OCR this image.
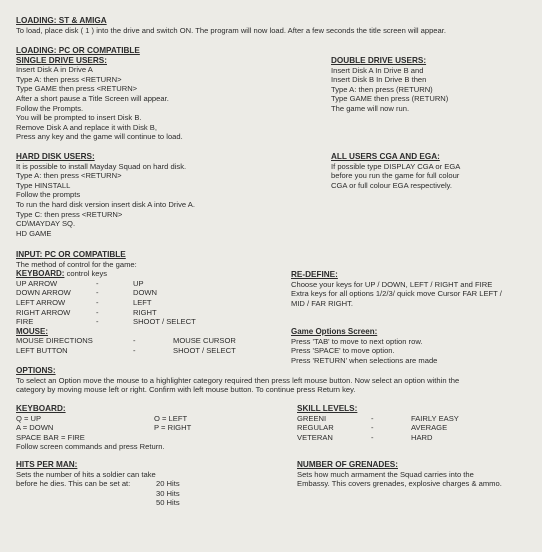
LOADING: ST & AMIGA
To load, place disk ( 1 ) into the drive and switch ON. The program will now load. After a few seconds the title screen will appear.
LOADING: PC OR COMPATIBLE
SINGLE DRIVE USERS:
Insert Disk A in Drive A
Type A: then press <RETURN>
Type GAME then press <RETURN>
After a short pause a Title Screen will appear.
Follow the Prompts.
You will be prompted to insert Disk B.
Remove Disk A and replace it with Disk B,
Press any key and the game will continue to load.
DOUBLE DRIVE USERS:
Insert Disk A In Drive B and
Insert Disk B In Drive B then
Type A: then press (RETURN)
Type GAME then press (RETURN)
The game will now run.
HARD DISK USERS:
It is possible to install Mayday Squad on hard disk.
Type A: then press <RETURN>
Type HINSTALL
Follow the prompts
To run the hard disk version insert disk A into Drive A.
Type C: then press <RETURN>
CD\MAYDAY SQ.
HD GAME
ALL USERS CGA AND EGA:
If possible type DISPLAY CGA or EGA
before you run the game for full colour
CGA or full colour EGA respectively.
INPUT: PC OR COMPATIBLE
The method of control for the game:
KEYBOARD: control keys
UP ARROW	-	UP
DOWN ARROW	-	DOWN
LEFT ARROW	-	LEFT
RIGHT ARROW	-	RIGHT
FIRE	-	SHOOT / SELECT
MOUSE:
MOUSE DIRECTIONS	-	MOUSE CURSOR
LEFT BUTTON	-	SHOOT / SELECT
RE-DEFINE:
Choose your keys for UP / DOWN, LEFT / RIGHT and FIRE
Extra keys for all options 1/2/3/ quick move Cursor FAR LEFT /
MID / FAR RIGHT.
Game Options Screen:
Press 'TAB' to move to next option row.
Press 'SPACE' to move option.
Press 'RETURN' when selections are made
OPTIONS:
To select an Option move the mouse to a highlighter category required then press left mouse button. Now select an option within the
category by moving mouse left or right. Confirm with left mouse button. To continue press Return key.
KEYBOARD:
Q = UP	O = LEFT
A = DOWN	P = RIGHT
SPACE BAR = FIRE
Follow screen commands and press Return.
SKILL LEVELS:
GREENI	-	FAIRLY EASY
REGULAR	-	AVERAGE
VETERAN	-	HARD
HITS PER MAN:
Sets the number of hits a soldier can take
before he dies. This can be set at:	20 Hits
30 Hits
50 Hits
NUMBER OF GRENADES:
Sets how much armament the Squad carries into the
Embassy. This covers grenades, explosive charges & ammo.
